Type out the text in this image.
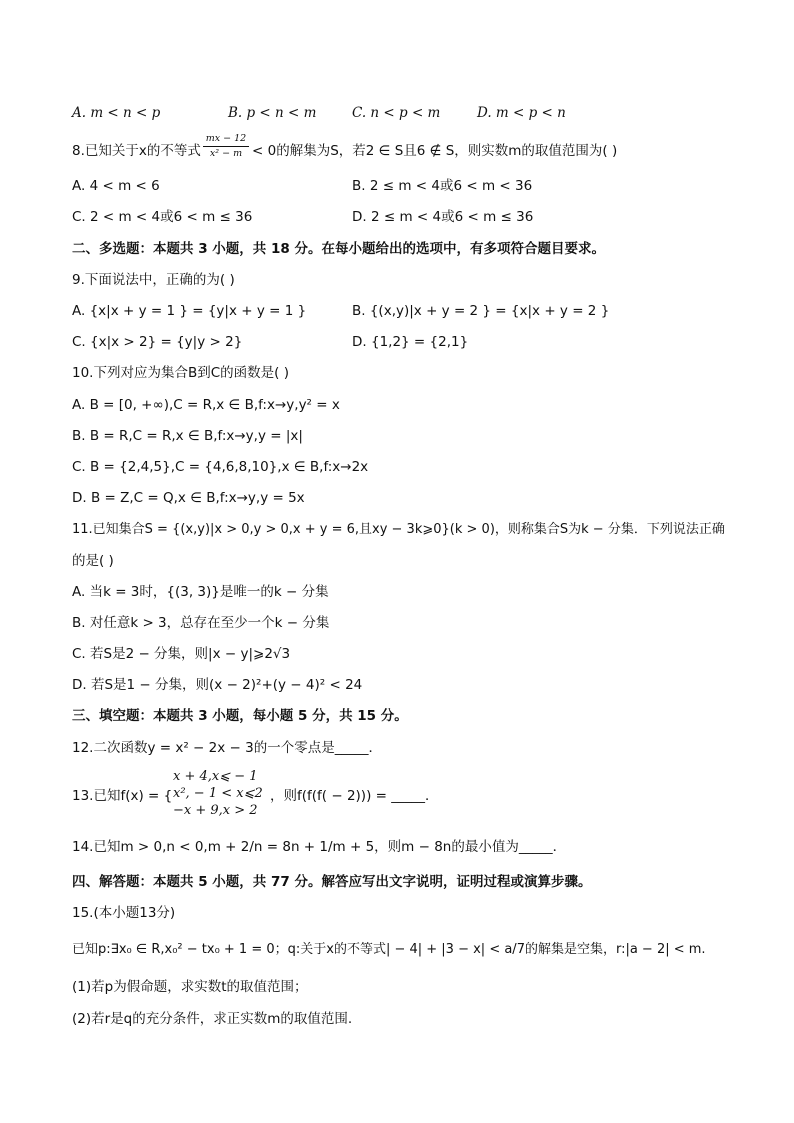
A. m < n < p	B. p < n < m	C. n < p < m	D. m < p < n
8.已知关于x的不等式
mx − 12
x² − m < 0的解集为S，若2 ∈ S且6 ∉ S，则实数m的取值范围为( )
A. 4 < m < 6	B. 2 ≤ m < 4或6 < m < 36
C. 2 < m < 4或6 < m ≤ 36	D. 2 ≤ m < 4或6 < m ≤ 36
二、多选题：本题共 3 小题，共 18 分。在每小题给出的选项中，有多项符合题目要求。
9.下面说法中，正确的为( )
A. {x|x + y = 1 } = {y|x + y = 1 }	B. {(x,y)|x + y = 2 } = {x|x + y = 2 }
C. {x|x > 2} = {y|y > 2}	D. {1,2} = {2,1}
10.下列对应为集合B到C的函数是( )
A. B = [0, +∞),C = R,x ∈ B,f:x→y,y² = x
B. B = R,C = R,x ∈ B,f:x→y,y = |x|
C. B = {2,4,5},C = {4,6,8,10},x ∈ B,f:x→2x
D. B = Z,C = Q,x ∈ B,f:x→y,y = 5x
11.已知集合S = {(x,y)|x > 0,y > 0,x + y = 6,且xy − 3k⩾0}(k > 0)，则称集合S为k − 分集．下列说法正确
的是( )
A. 当k = 3时，{(3, 3)}是唯一的k − 分集
B. 对任意k > 3，总存在至少一个k − 分集
C. 若S是2 − 分集，则|x − y|⩾2√3
D. 若S是1 − 分集，则(x − 2)²+(y − 4)² < 24
三、填空题：本题共 3 小题，每小题 5 分，共 15 分。
12.二次函数y = x² − 2x − 3的一个零点是_____．
13.已知f(x) = {
x + 4,x⩽ − 1
x², − 1 < x⩽2
−x + 9,x > 2
，则f(f(f( − 2))) = _____．
14.已知m > 0,n < 0,m + 2/n = 8n + 1/m + 5，则m − 8n的最小值为_____．
四、解答题：本题共 5 小题，共 77 分。解答应写出文字说明，证明过程或演算步骤。
15.(本小题13分)
已知p:∃x₀ ∈ R,x₀² − tx₀ + 1 = 0；q:关于x的不等式| − 4| + |3 − x| < a/7的解集是空集，r:|a − 2| < m.
(1)若p为假命题，求实数t的取值范围；
(2)若r是q的充分条件，求正实数m的取值范围.
